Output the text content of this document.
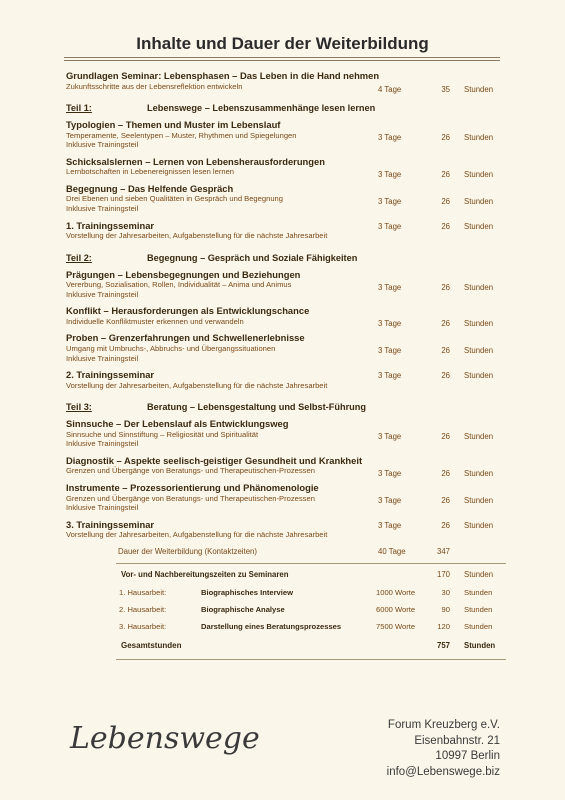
Inhalte und Dauer der Weiterbildung
Grundlagen Seminar: Lebensphasen – Das Leben in die Hand nehmen
Zukunftsschritte aus der Lebensreflektion entwickeln	4 Tage	35 Stunden
Teil 1:	Lebenswege – Lebenszusammenhänge lesen lernen
Typologien – Themen und Muster im Lebenslauf
Temperamente, Seelentypen – Muster, Rhythmen und Spiegelungen
Inklusive Trainingsteil
3 Tage	26 Stunden
Schicksalslernen – Lernen von Lebensherausforderungen
Lernbotschaften in Lebenereignissen lesen lernen	3 Tage	26 Stunden
Begegnung – Das Helfende Gespräch
Drei Ebenen und sieben Qualitäten in Gespräch und Begegnung
Inklusive Trainingsteil
3 Tage	26 Stunden
1. Trainingsseminar
Vorstellung der Jahresarbeiten, Aufgabenstellung für die nächste Jahresarbeit
3 Tage	26 Stunden
Teil 2:	Begegnung – Gespräch und Soziale Fähigkeiten
Prägungen – Lebensbegegnungen und Beziehungen
Vererbung, Sozialisation, Rollen, Individualität – Anima und Animus
Inklusive Trainingsteil
3 Tage	26 Stunden
Konflikt – Herausforderungen als Entwicklungschance
Individuelle Konfliktmuster erkennen und verwandeln	3 Tage	26 Stunden
Proben – Grenzerfahrungen und Schwellenerlebnisse
Umgang mit Umbruchs-, Abbruchs- und Übergangssituationen
Inklusive Trainingsteil
3 Tage	26 Stunden
2. Trainingsseminar
Vorstellung der Jahresarbeiten, Aufgabenstellung für die nächste Jahresarbeit
3 Tage	26 Stunden
Teil 3:	Beratung – Lebensgestaltung und Selbst-Führung
Sinnsuche – Der Lebenslauf als Entwicklungsweg
Sinnsuche und Sinnstiftung – Religiosität und Spiritualität
Inklusive Trainingsteil
3 Tage	26 Stunden
Diagnostik – Aspekte seelisch-geistiger Gesundheit und Krankheit
Grenzen und Übergänge von Beratungs- und Therapeutischen-Prozessen	3 Tage	26 Stunden
Instrumente – Prozessorientierung und Phänomenologie
Grenzen und Übergänge von Beratungs- und Therapeutischen-Prozessen
Inklusive Trainingsteil
3 Tage	26 Stunden
3. Trainingsseminar
Vorstellung der Jahresarbeiten, Aufgabenstellung für die nächste Jahresarbeit
3 Tage	26 Stunden
Dauer der Weiterbildung (Kontaktzeiten)	40 Tage	347
Vor- und Nachbereitungszeiten zu Seminaren	170 Stunden
1. Hausarbeit:	Biographisches Interview	1000 Worte	30 Stunden
2. Hausarbeit:	Biographische Analyse	6000 Worte	90 Stunden
3. Hausarbeit:	Darstellung eines Beratungsprozesses	7500 Worte	120 Stunden
Gesamtstunden	757 Stunden
Lebenswege	Forum Kreuzberg e.V.
Eisenbahnstr. 21
10997 Berlin
info@Lebenswege.biz
